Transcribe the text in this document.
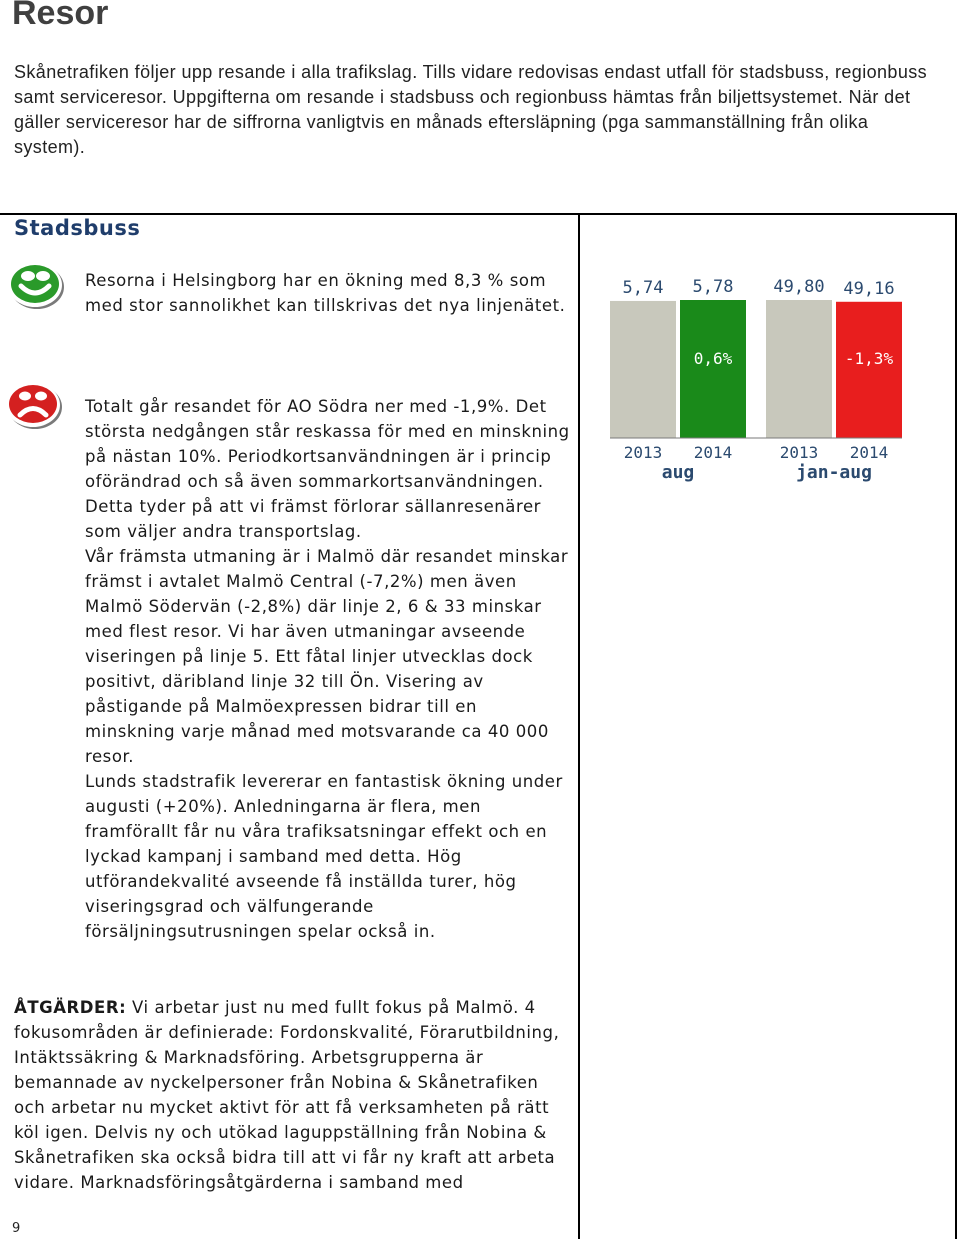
Resor

Skånetrafiken följer upp resande i alla trafikslag. Tills vidare redovisas endast utfall för stadsbuss, regionbuss samt serviceresor. Uppgifterna om resande i stadsbuss och regionbuss hämtas från biljettsystemet. När det gäller serviceresor har de siffrorna vanligtvis en månads eftersläpning (pga sammanställning från olika system).

Stadsbuss
Resorna i Helsingborg har en ökning med 8,3 % som med stor sannolikhet kan tillskrivas det nya linjenätet.

Totalt går resandet för AO Södra ner med -1,9%. Det största nedgången står reskassa för med en minskning på nästan 10%. Periodkortsanvändningen är i princip oförändrad och så även sommarkortsanvändningen. Detta tyder på att vi främst förlorar sällanresenärer som väljer andra transportslag.

Vår främsta utmaning är i Malmö där resandet minskar främst i avtalet Malmö Central (-7,2%) men även Malmö Södervän (-2,8%) där linje 2, 6 & 33 minskar med flest resor. Vi har även utmaningar avseende viseringen på linje 5. Ett fåtal linjer utvecklas dock positivt, däribland linje 32 till Ön. Visering av påstigande på Malmöexpressen bidrar till en minskning varje månad med motsvarande ca 40 000 resor.

Lunds stadstrafik levererar en fantastisk ökning under augusti (+20%). Anledningarna är flera, men framförallt får nu våra trafiksatsningar effekt och en lyckad kampanj i samband med detta. Hög utförandekvalité avseende få inställda turer, hög viseringsgrad och välfungerande försäljningsutrusningen spelar också in.

ÅTGÄRDER: Vi arbetar just nu med fullt fokus på Malmö. 4 fokusområden är definierade: Fordonskvalité, Förarutbildning, Intäktssäkring & Marknadsföring. Arbetsgrupperna är bemannade av nyckelpersoner från Nobina & Skånetrafiken och arbetar nu mycket aktivt för att få verksamheten på rätt köl igen. Delvis ny och utökad laguppställning från Nobina & Skånetrafiken ska också bidra till att vi får ny kraft att arbeta vidare. Marknadsföringsåtgärderna i samband med

9
5,74
2013
5,78
0,6%
2014
aug
49,80
2013
49,16
-1,3%
2014
jan-aug
